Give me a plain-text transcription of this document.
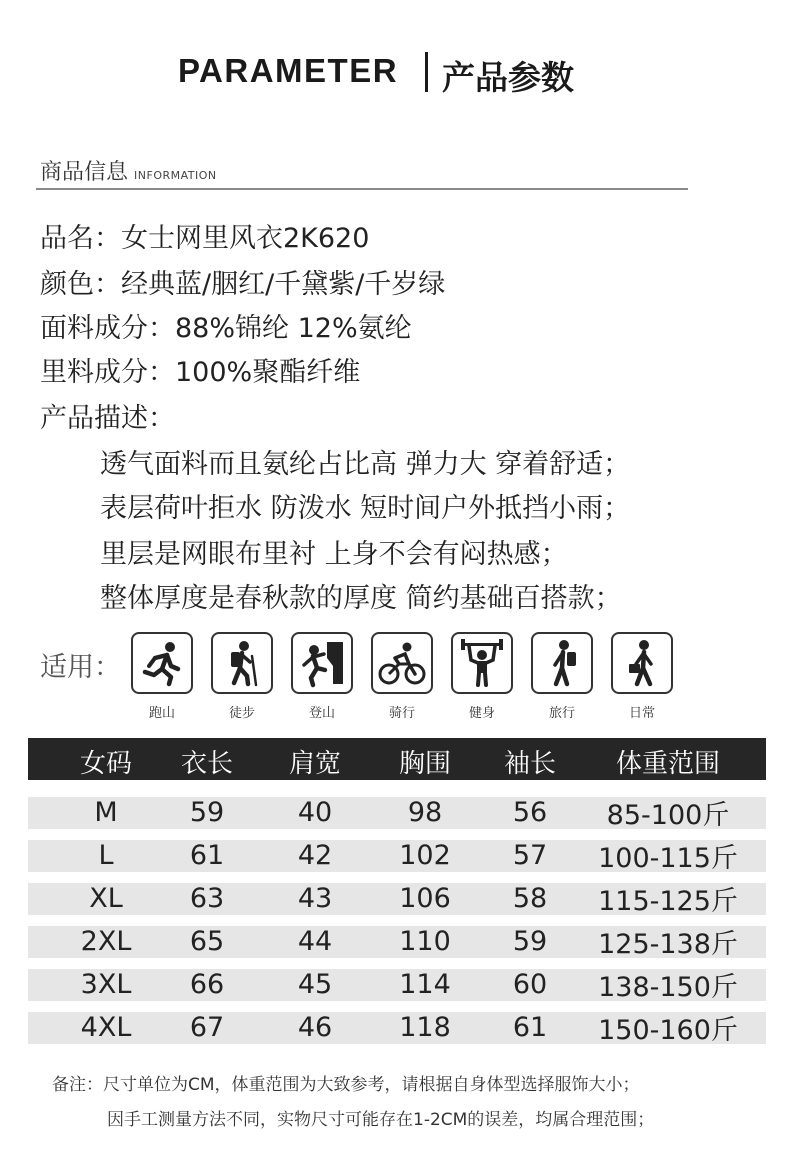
PARAMETER 产品参数
商品信息 INFORMATION
品名：女士网里风衣2K620
颜色：经典蓝/胭红/千黛紫/千岁绿
面料成分：88%锦纶 12%氨纶
里料成分：100%聚酯纤维
产品描述：
透气面料而且氨纶占比高 弹力大 穿着舒适；
表层荷叶拒水 防泼水 短时间户外抵挡小雨；
里层是网眼布里衬 上身不会有闷热感；
整体厚度是春秋款的厚度 简约基础百搭款；
适用：
跑山	徒步	登山	骑行	健身	旅行	日常
女码 衣长 肩宽 胸围 袖长 体重范围
M	59	40	98	56 85-100斤
L	61	42 102 57 100-115斤
XL 63	43 106 58 115-125斤
2XL 65	44 110 59 125-138斤
3XL 66	45 114 60 138-150斤
4XL 67	46 118 61 150-160斤
备注：尺寸单位为CM，体重范围为大致参考，请根据自身体型选择服饰大小；
因手工测量方法不同，实物尺寸可能存在1-2CM的误差，均属合理范围；
